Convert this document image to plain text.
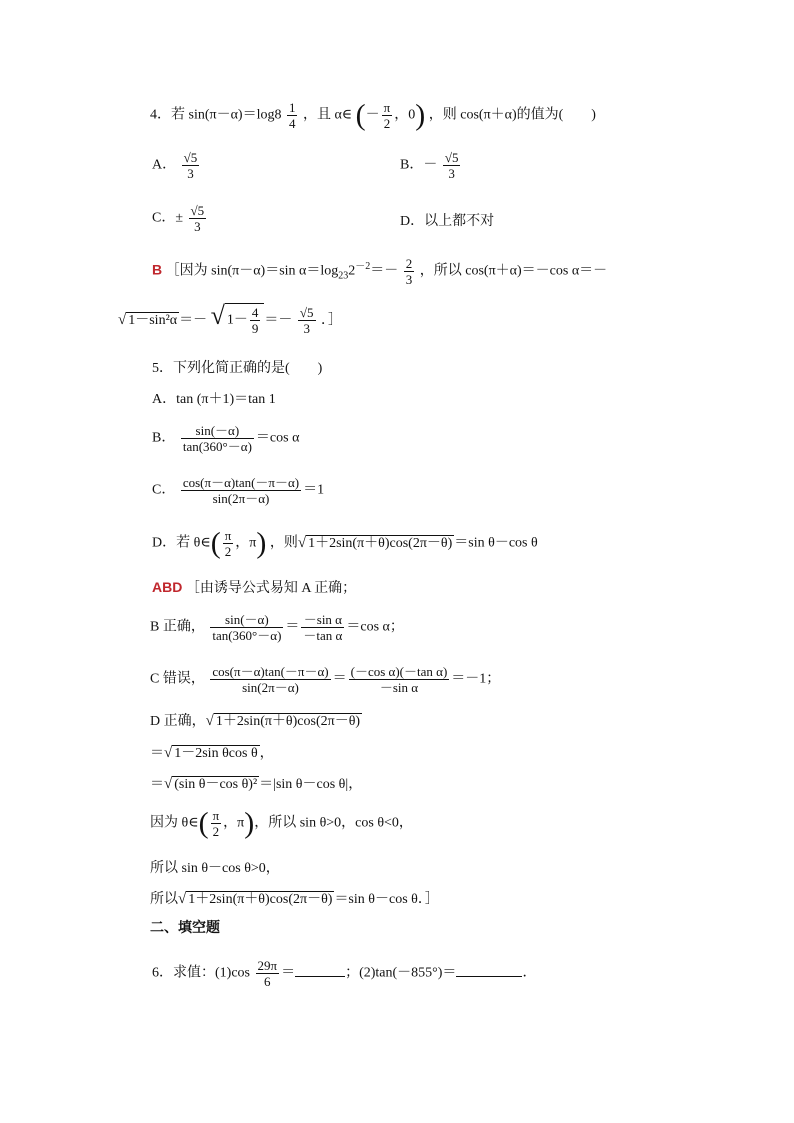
4．若 $\sin(\pi-\alpha)=\log 8 \frac{1}{4}$ ，且 α∈ (－ $\frac{\pi}{2}$ ，0) ，则 cos(π＋α)的值为(　　)
A． $\frac{√5}{3}$	B．－ $\frac{√5}{3}$
C．± $\frac{√5}{3}$	D．以上都不对
B ［因为 sin(π－α)＝sin $\alpha=\log_{23}2^{-2}=- \frac{2}{3}$ ，所以 cos(π＋α)＝－cos α＝－
√ 1－sin²α ＝－ √ $1- \frac{4}{9} =- \frac{√5}{3}$ ．］
5．下列化简正确的是(　　)
A．tan (π＋1)＝tan 1
B． $\frac{\sin(-\alpha)}{\tan(360^\circ-\alpha)} =\cos$ α
C． $\frac{\cos(\pi-\alpha)\tan(-\pi-\alpha)}{\sin(2\pi-\alpha)} =1$
D．若 θ∈( $\frac{\pi}{2}$ ，π) ，则√ 1＋2sin(π＋θ)cos(2π－θ) ＝sin θ－cos θ
ABD ［由诱导公式易知 A 正确；
B 正确， $\frac{\sin(-\alpha)}{\tan(360^\circ-\alpha)} = \frac{\text{－sin α}}{\text{－tan α}} =\cos$ α；
C 错误， $\frac{\cos(\pi-\alpha)\tan(-\pi-\alpha)}{\sin(2\pi-\alpha)} = \frac{\text{(－cos α)(－tan α)}}{\text{－sin α}} =-1$；
D 正确，√ 1＋2sin(π＋θ)cos(2π－θ)
＝√ 1－2sin θcos θ ，
＝√ (sin θ－cos θ)² ＝|sin θ－cos θ|，
因为 θ∈( $\frac{\pi}{2}$ ，π)，所以 sin θ>0，cos θ<0，
所以 sin θ－cos θ>0，
所以√ 1＋2sin(π＋θ)cos(2π－θ) ＝sin θ－cos θ．］
二、填空题
6．求值：$(1)\cos \frac{29\pi}{6}$ ＝	；(2)tan(－855°)＝	．
